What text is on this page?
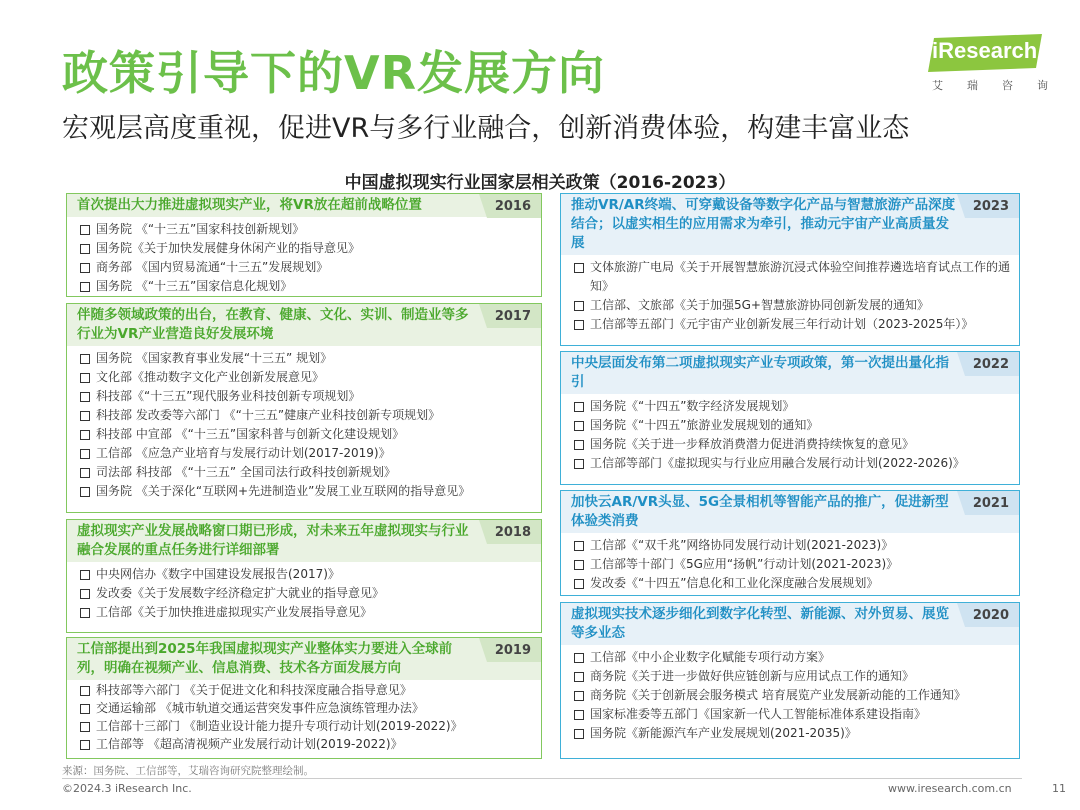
政策引导下的VR发展方向
宏观层高度重视，促进VR与多行业融合，创新消费体验，构建丰富业态
iResearch
艾 瑞 咨 询
中国虚拟现实行业国家层相关政策（2016-2023）
首次提出大力推进虚拟现实产业，将VR放在超前战略位置	2016
国务院 《“十三五”国家科技创新规划》
国务院《关于加快发展健身休闲产业的指导意见》
商务部 《国内贸易流通“十三五”发展规划》
国务院 《“十三五”国家信息化规划》
伴随多领域政策的出台，在教育、健康、文化、实训、制造业等多行业为VR产业营造良好发展环境
2017
国务院 《国家教育事业发展“十三五” 规划》
文化部《推动数字文化产业创新发展意见》
科技部《“十三五”现代服务业科技创新专项规划》
科技部 发改委等六部门 《“十三五”健康产业科技创新专项规划》
科技部 中宣部 《“十三五”国家科普与创新文化建设规划》
工信部 《应急产业培育与发展行动计划(2017-2019)》
司法部 科技部 《“十三五” 全国司法行政科技创新规划》
国务院 《关于深化“互联网+先进制造业”发展工业互联网的指导意见》
虚拟现实产业发展战略窗口期已形成，对未来五年虚拟现实与行业融合发展的重点任务进行详细部署
2018
中央网信办《数字中国建设发展报告(2017)》
发改委《关于发展数字经济稳定扩大就业的指导意见》
工信部《关于加快推进虚拟现实产业发展指导意见》
工信部提出到2025年我国虚拟现实产业整体实力要进入全球前列，明确在视频产业、信息消费、技术各方面发展方向
2019
科技部等六部门 《关于促进文化和科技深度融合指导意见》
交通运输部 《城市轨道交通运营突发事件应急演练管理办法》
工信部十三部门 《制造业设计能力提升专项行动计划(2019-2022)》
工信部等 《超高清视频产业发展行动计划(2019-2022)》
推动VR/AR终端、可穿戴设备等数字化产品与智慧旅游产品深度结合；以虚实相生的应用需求为牵引，推动元宇宙产业高质量发展
2023
文体旅游广电局《关于开展智慧旅游沉浸式体验空间推荐遴选培育试点工作的通知》
工信部、文旅部《关于加强5G+智慧旅游协同创新发展的通知》
工信部等五部门《元宇宙产业创新发展三年行动计划（2023-2025年）》
中央层面发布第二项虚拟现实产业专项政策，第一次提出量化指引
2022
国务院《“十四五”数字经济发展规划》
国务院《“十四五”旅游业发展规划的通知》
国务院《关于进一步释放消费潜力促进消费持续恢复的意见》
工信部等部门《虚拟现实与行业应用融合发展行动计划(2022-2026)》
加快云AR/VR头显、5G全景相机等智能产品的推广，促进新型体验类消费
2021
工信部《“双千兆”网络协同发展行动计划(2021-2023)》
工信部等十部门《5G应用“扬帆”行动计划(2021-2023)》
发改委《“十四五”信息化和工业化深度融合发展规划》
虚拟现实技术逐步细化到数字化转型、新能源、对外贸易、展览等多业态
2020
工信部《中小企业数字化赋能专项行动方案》
商务院《关于进一步做好供应链创新与应用试点工作的通知》
商务院《关于创新展会服务模式 培育展览产业发展新动能的工作通知》
国家标准委等五部门《国家新一代人工智能标准体系建设指南》
国务院《新能源汽车产业发展规划(2021-2035)》
来源：国务院、工信部等，艾瑞咨询研究院整理绘制。
©2024.3 iResearch Inc.	www.iresearch.com.cn	11
